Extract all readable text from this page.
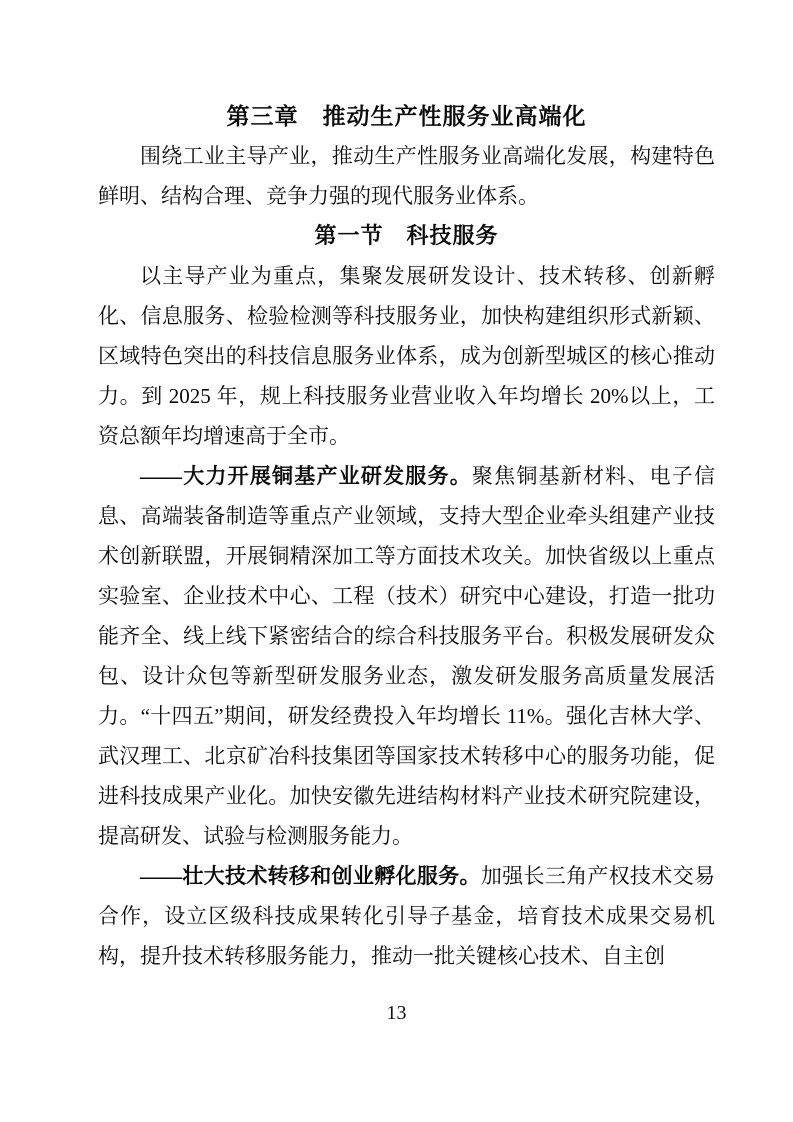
第三章　推动生产性服务业高端化

围绕工业主导产业，推动生产性服务业高端化发展，构建特色鲜明、结构合理、竞争力强的现代服务业体系。

第一节　科技服务

以主导产业为重点，集聚发展研发设计、技术转移、创新孵化、信息服务、检验检测等科技服务业，加快构建组织形式新颖、区域特色突出的科技信息服务业体系，成为创新型城区的核心推动力。到 2025 年，规上科技服务业营业收入年均增长 20%以上，工资总额年均增速高于全市。

——大力开展铜基产业研发服务。聚焦铜基新材料、电子信息、高端装备制造等重点产业领域，支持大型企业牵头组建产业技术创新联盟，开展铜精深加工等方面技术攻关。加快省级以上重点实验室、企业技术中心、工程（技术）研究中心建设，打造一批功能齐全、线上线下紧密结合的综合科技服务平台。积极发展研发众包、设计众包等新型研发服务业态，激发研发服务高质量发展活力。“十四五”期间，研发经费投入年均增长 11%。强化吉林大学、武汉理工、北京矿冶科技集团等国家技术转移中心的服务功能，促进科技成果产业化。加快安徽先进结构材料产业技术研究院建设，提高研发、试验与检测服务能力。

——壮大技术转移和创业孵化服务。加强长三角产权技术交易合作，设立区级科技成果转化引导子基金，培育技术成果交易机构，提升技术转移服务能力，推动一批关键核心技术、自主创

13
